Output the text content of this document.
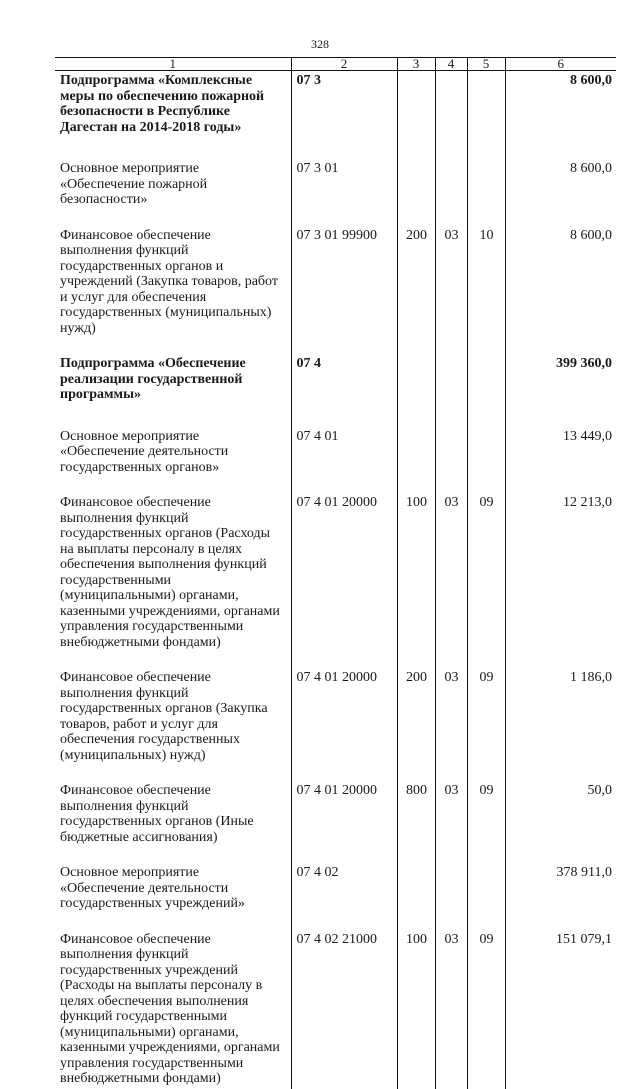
328
1	2	3	4	5	6
Подпрограмма «Комплексные меры по обеспечению пожарной безопасности в Республике Дагестан на 2014-2018 годы»	07 3				8 600,0
Основное мероприятие «Обеспечение пожарной безопасности»	07 3 01				8 600,0
Финансовое обеспечение выполнения функций государственных органов и учреждений (Закупка товаров, работ и услуг для обеспечения государственных (муниципальных) нужд)	07 3 01 99900	200	03	10	8 600,0
Подпрограмма «Обеспечение реализации государственной программы»	07 4				399 360,0
Основное мероприятие «Обеспечение деятельности государственных органов»	07 4 01				13 449,0
Финансовое обеспечение выполнения функций государственных органов (Расходы на выплаты персоналу в целях обеспечения выполнения функций государственными (муниципальными) органами, казенными учреждениями, органами управления государственными внебюджетными фондами)	07 4 01 20000	100	03	09	12 213,0
Финансовое обеспечение выполнения функций государственных органов (Закупка товаров, работ и услуг для обеспечения государственных (муниципальных) нужд)	07 4 01 20000	200	03	09	1 186,0
Финансовое обеспечение выполнения функций государственных органов (Иные бюджетные ассигнования)	07 4 01 20000	800	03	09	50,0
Основное мероприятие «Обеспечение деятельности государственных учреждений»	07 4 02				378 911,0
Финансовое обеспечение выполнения функций государственных учреждений (Расходы на выплаты персоналу в целях обеспечения выполнения функций государственными (муниципальными) органами, казенными учреждениями, органами управления государственными внебюджетными фондами)	07 4 02 21000	100	03	09	151 079,1
